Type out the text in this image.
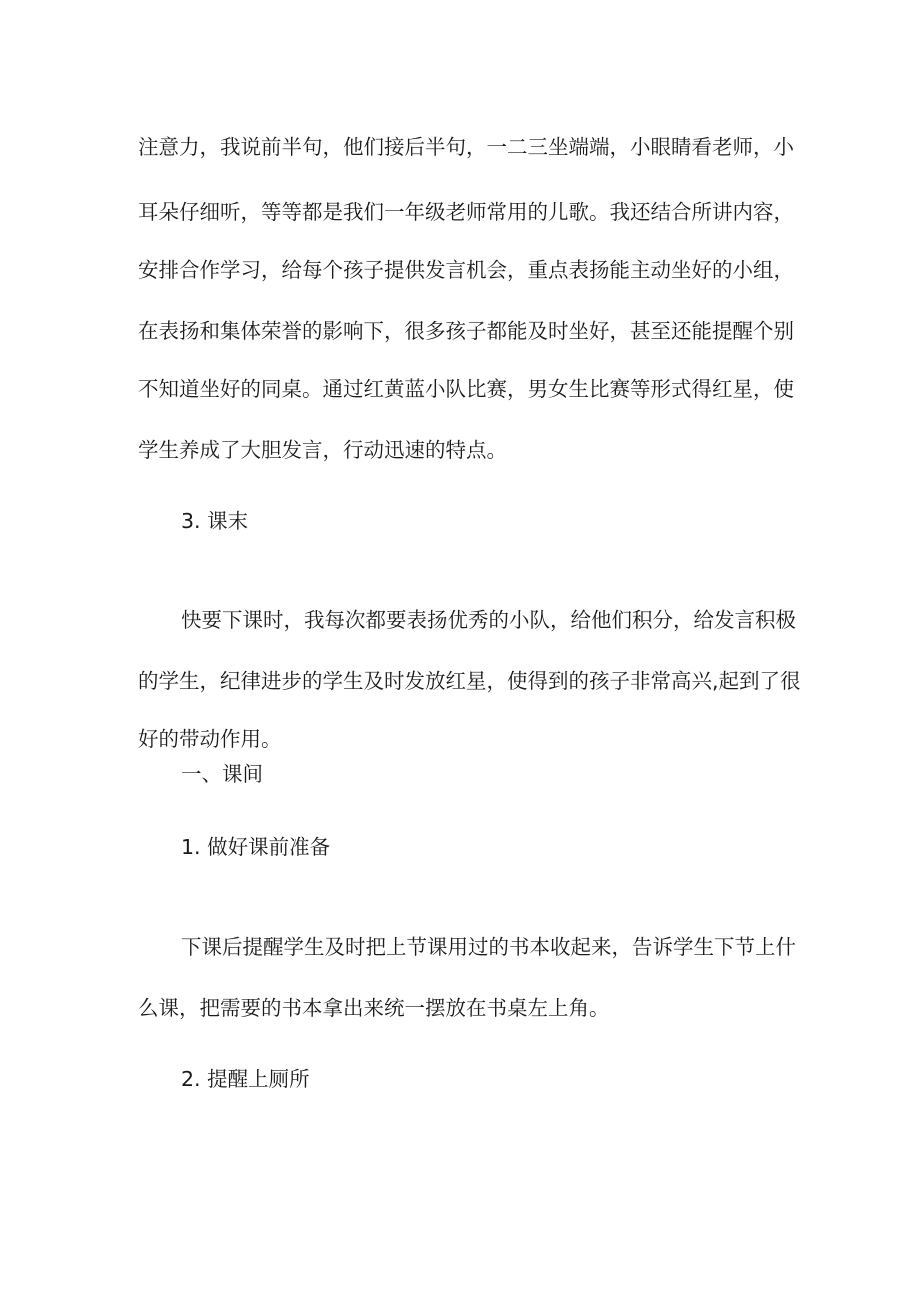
注意力，我说前半句，他们接后半句，一二三坐端端，小眼睛看老师，小
耳朵仔细听，等等都是我们一年级老师常用的儿歌。我还结合所讲内容，
安排合作学习，给每个孩子提供发言机会，重点表扬能主动坐好的小组，
在表扬和集体荣誉的影响下，很多孩子都能及时坐好，甚至还能提醒个别
不知道坐好的同桌。通过红黄蓝小队比赛，男女生比赛等形式得红星，使
学生养成了大胆发言，行动迅速的特点。
3. 课末
快要下课时，我每次都要表扬优秀的小队，给他们积分，给发言积极
的学生，纪律进步的学生及时发放红星，使得到的孩子非常高兴,起到了很
好的带动作用。
一、课间
1. 做好课前准备
下课后提醒学生及时把上节课用过的书本收起来，告诉学生下节上什
么课，把需要的书本拿出来统一摆放在书桌左上角。
2. 提醒上厕所
